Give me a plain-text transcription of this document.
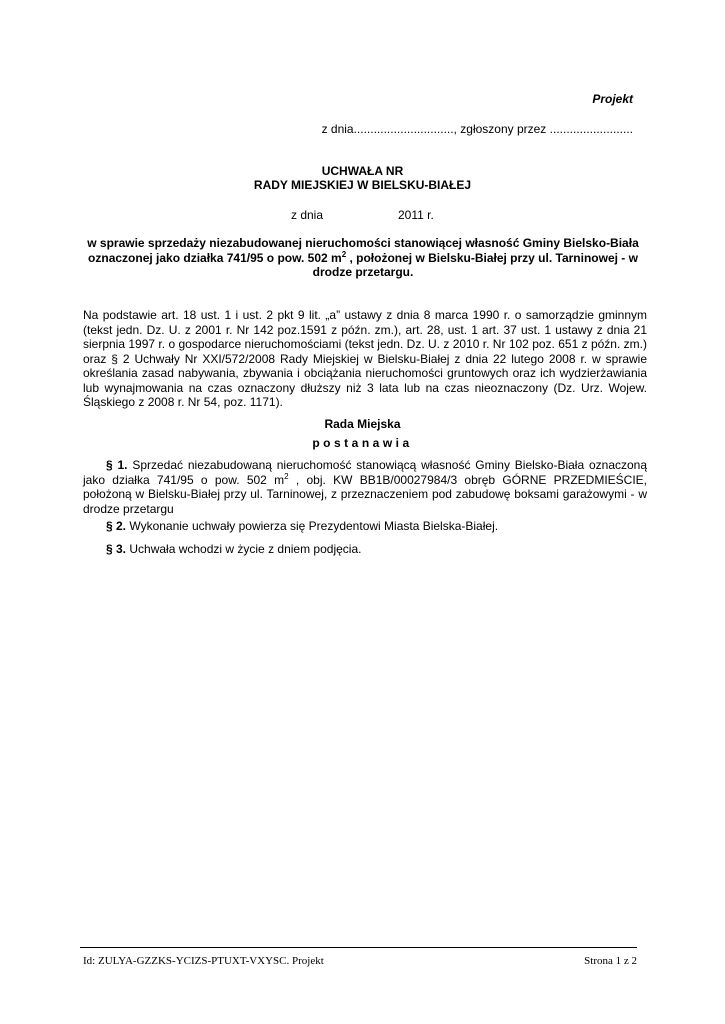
Projekt
z dnia.............................., zgłoszony przez .........................
UCHWAŁA NR
RADY MIEJSKIEJ W BIELSKU-BIAŁEJ
z dnia	2011 r.
w sprawie sprzedaży niezabudowanej nieruchomości stanowiącej własność Gminy Bielsko-Biała oznaczonej jako działka 741/95 o pow. 502 $m^2$ , położonej w Bielsku-Białej przy ul. Tarninowej - w drodze przetargu.
Na podstawie art. 18 ust. 1 i ust. 2 pkt 9 lit. „a” ustawy z dnia 8 marca 1990 r. o samorządzie gminnym (tekst jedn. Dz. U. z 2001 r. Nr 142 poz.1591 z późn. zm.), art. 28, ust. 1 art. 37 ust. 1 ustawy z dnia 21 sierpnia 1997 r. o gospodarce nieruchomościami (tekst jedn. Dz. U. z 2010 r. Nr 102 poz. 651 z późn. zm.) oraz § 2 Uchwały Nr XXI/572/2008 Rady Miejskiej w Bielsku-Białej z dnia 22 lutego 2008 r. w sprawie określania zasad nabywania, zbywania i obciążania nieruchomości gruntowych oraz ich wydzierżawiania lub wynajmowania na czas oznaczony dłuższy niż 3 lata lub na czas nieoznaczony (Dz. Urz. Wojew. Śląskiego z 2008 r. Nr 54, poz. 1171).
Rada Miejska
postanawia
§ 1. Sprzedać niezabudowaną nieruchomość stanowiącą własność Gminy Bielsko-Biała oznaczoną jako działka 741/95 o pow. 502 $m^2$ , obj. KW BB1B/00027984/3 obręb GÓRNE PRZEDMIEŚCIE, położoną w Bielsku-Białej przy ul. Tarninowej, z przeznaczeniem pod zabudowę boksami garażowymi - w drodze przetargu
§ 2. Wykonanie uchwały powierza się Prezydentowi Miasta Bielska-Białej.
§ 3. Uchwała wchodzi w życie z dniem podjęcia.
Id: ZULYA-GZZKS-YCIZS-PTUXT-VXYSC. Projekt	Strona 1 z 2
